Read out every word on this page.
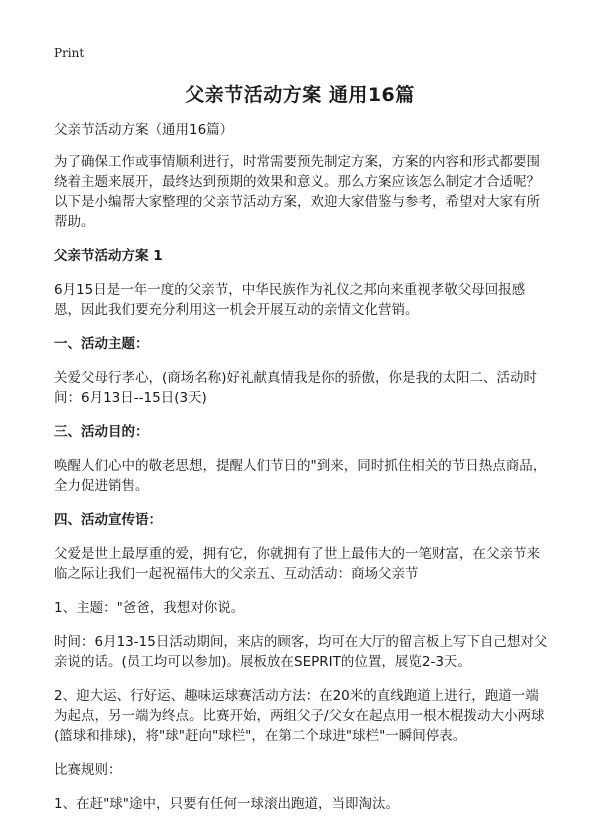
Print
父亲节活动方案 通用16篇

父亲节活动方案（通用16篇）

为了确保工作或事情顺利进行，时常需要预先制定方案，方案的内容和形式都要围绕着主题来展开，最终达到预期的效果和意义。那么方案应该怎么制定才合适呢？以下是小编帮大家整理的父亲节活动方案，欢迎大家借鉴与参考，希望对大家有所帮助。

父亲节活动方案 1

6月15日是一年一度的父亲节，中华民族作为礼仪之邦向来重视孝敬父母回报感恩，因此我们要充分利用这一机会开展互动的亲情文化营销。

一、活动主题：

关爱父母行孝心，(商场名称)好礼献真情我是你的骄傲，你是我的太阳二、活动时间：6月13日--15日(3天)

三、活动目的：

唤醒人们心中的敬老思想，提醒人们节日的"到来，同时抓住相关的节日热点商品，全力促进销售。

四、活动宣传语：

父爱是世上最厚重的爱，拥有它，你就拥有了世上最伟大的一笔财富，在父亲节来临之际让我们一起祝福伟大的父亲五、互动活动：商场父亲节

1、主题："爸爸，我想对你说。

时间：6月13-15日活动期间，来店的顾客，均可在大厅的留言板上写下自己想对父亲说的话。(员工均可以参加)。展板放在SEPRIT的位置，展览2-3天。

2、迎大运、行好运、趣味运球赛活动方法：在20米的直线跑道上进行，跑道一端为起点，另一端为终点。比赛开始，两组父子/父女在起点用一根木棍拨动大小两球(篮球和排球)，将"球"赶向"球栏"，在第二个球进"球栏"一瞬间停表。

比赛规则：

1、在赶"球"途中，只要有任何一球滚出跑道，当即淘汰。
